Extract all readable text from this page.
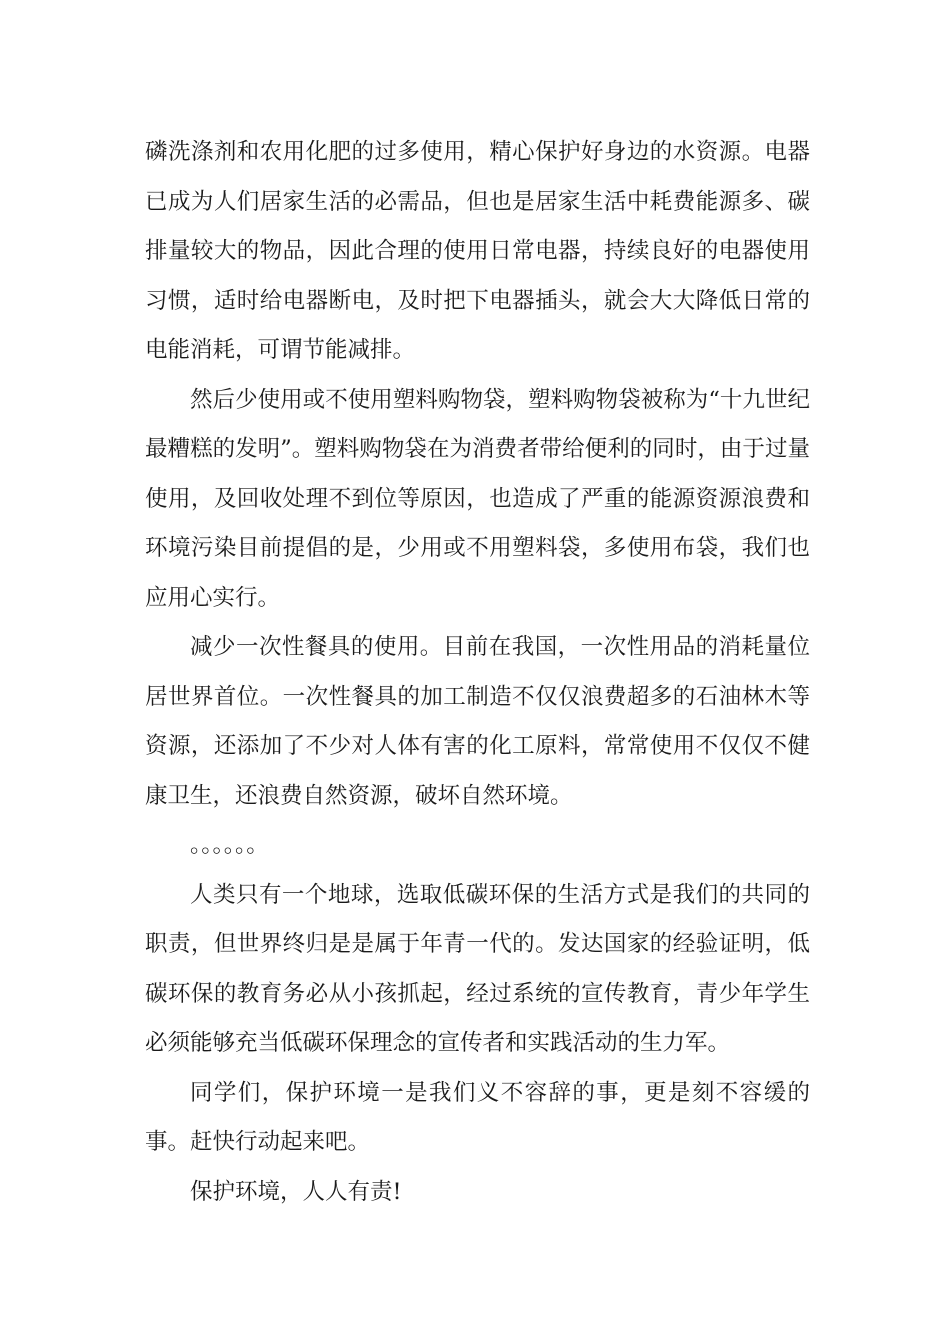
磷洗涤剂和农用化肥的过多使用，精心保护好身边的水资源。电器已成为人们居家生活的必需品，但也是居家生活中耗费能源多、碳排量较大的物品，因此合理的使用日常电器，持续良好的电器使用习惯，适时给电器断电，及时把下电器插头，就会大大降低日常的电能消耗，可谓节能减排。

然后少使用或不使用塑料购物袋，塑料购物袋被称为“十九世纪最糟糕的发明”。塑料购物袋在为消费者带给便利的同时，由于过量使用，及回收处理不到位等原因，也造成了严重的能源资源浪费和环境污染目前提倡的是，少用或不用塑料袋，多使用布袋，我们也应用心实行。

减少一次性餐具的使用。目前在我国，一次性用品的消耗量位居世界首位。一次性餐具的加工制造不仅仅浪费超多的石油林木等资源，还添加了不少对人体有害的化工原料，常常使用不仅仅不健康卫生，还浪费自然资源，破坏自然环境。

。。。。。。

人类只有一个地球，选取低碳环保的生活方式是我们的共同的职责，但世界终归是是属于年青一代的。发达国家的经验证明，低碳环保的教育务必从小孩抓起，经过系统的宣传教育，青少年学生必须能够充当低碳环保理念的宣传者和实践活动的生力军。

同学们，保护环境一是我们义不容辞的事，更是刻不容缓的事。赶快行动起来吧。

保护环境，人人有责!
